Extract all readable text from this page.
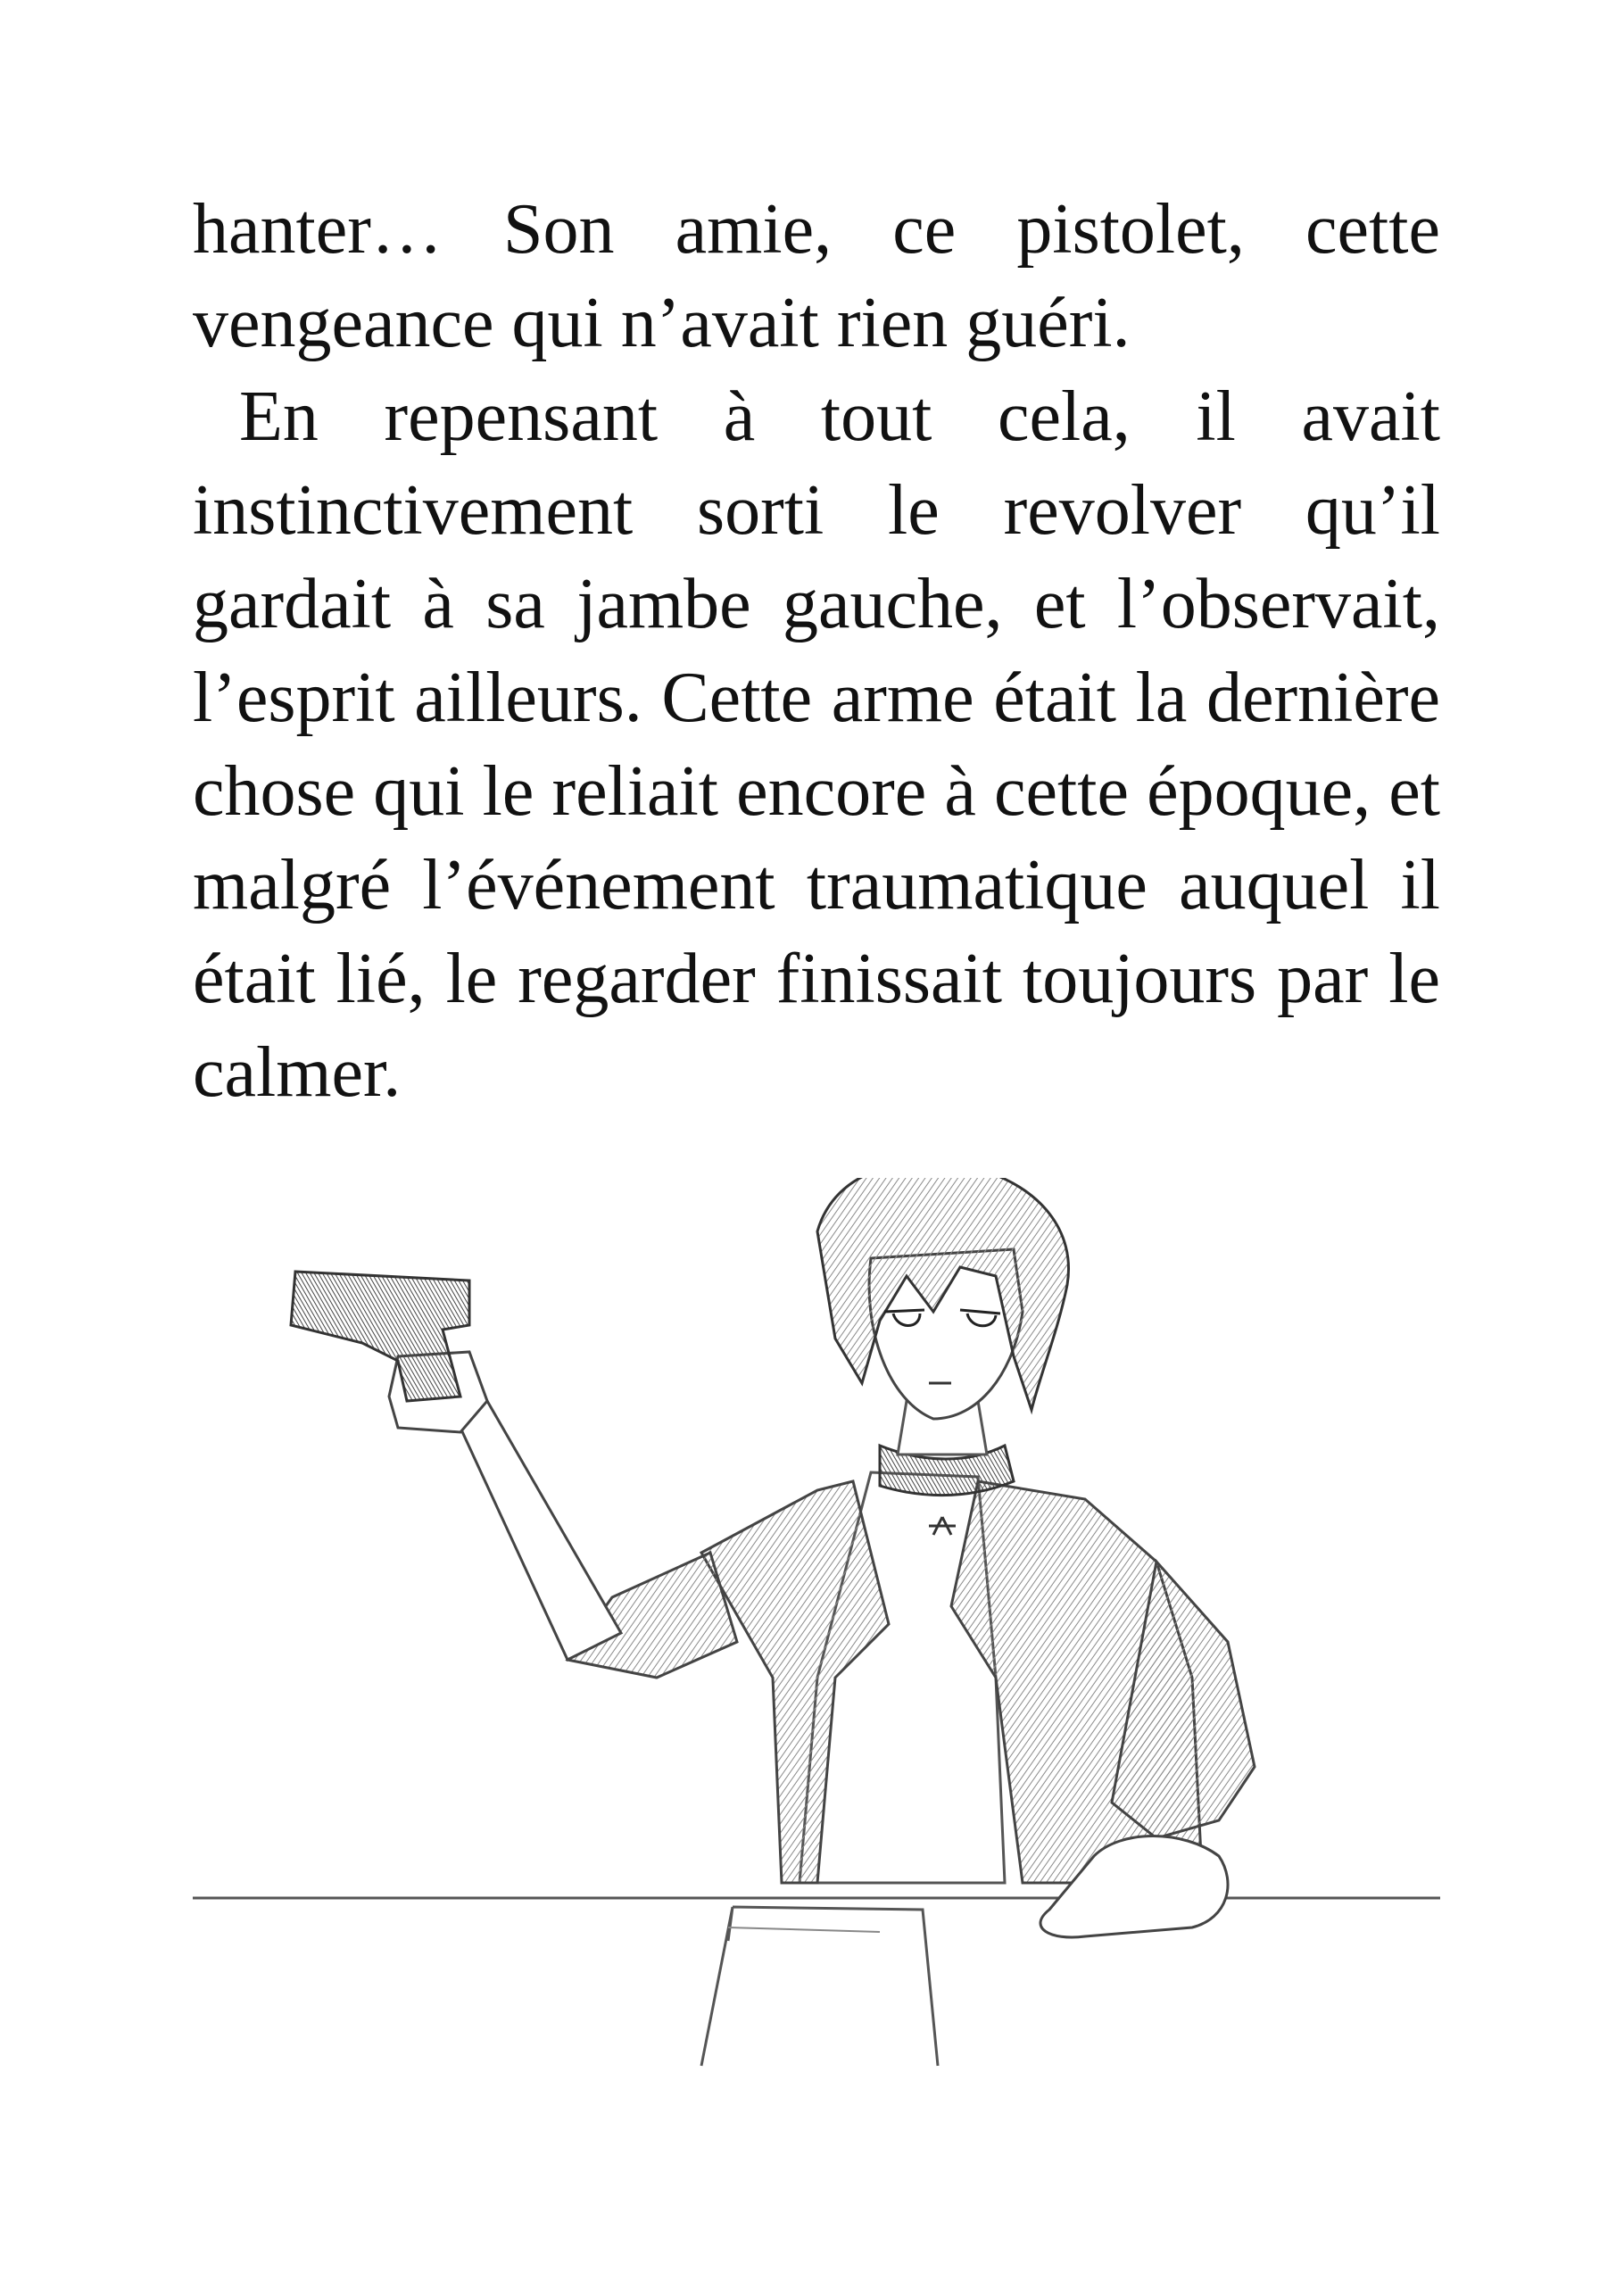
hanter… Son amie, ce pistolet, cette vengeance qui n’avait rien guéri.

En repensant à tout cela, il avait instinctivement sorti le revolver qu’il gardait à sa jambe gauche, et l’observait, l’esprit ailleurs. Cette arme était la dernière chose qui le reliait encore à cette époque, et malgré l’événement traumatique auquel il était lié, le regarder finissait toujours par le calmer.
